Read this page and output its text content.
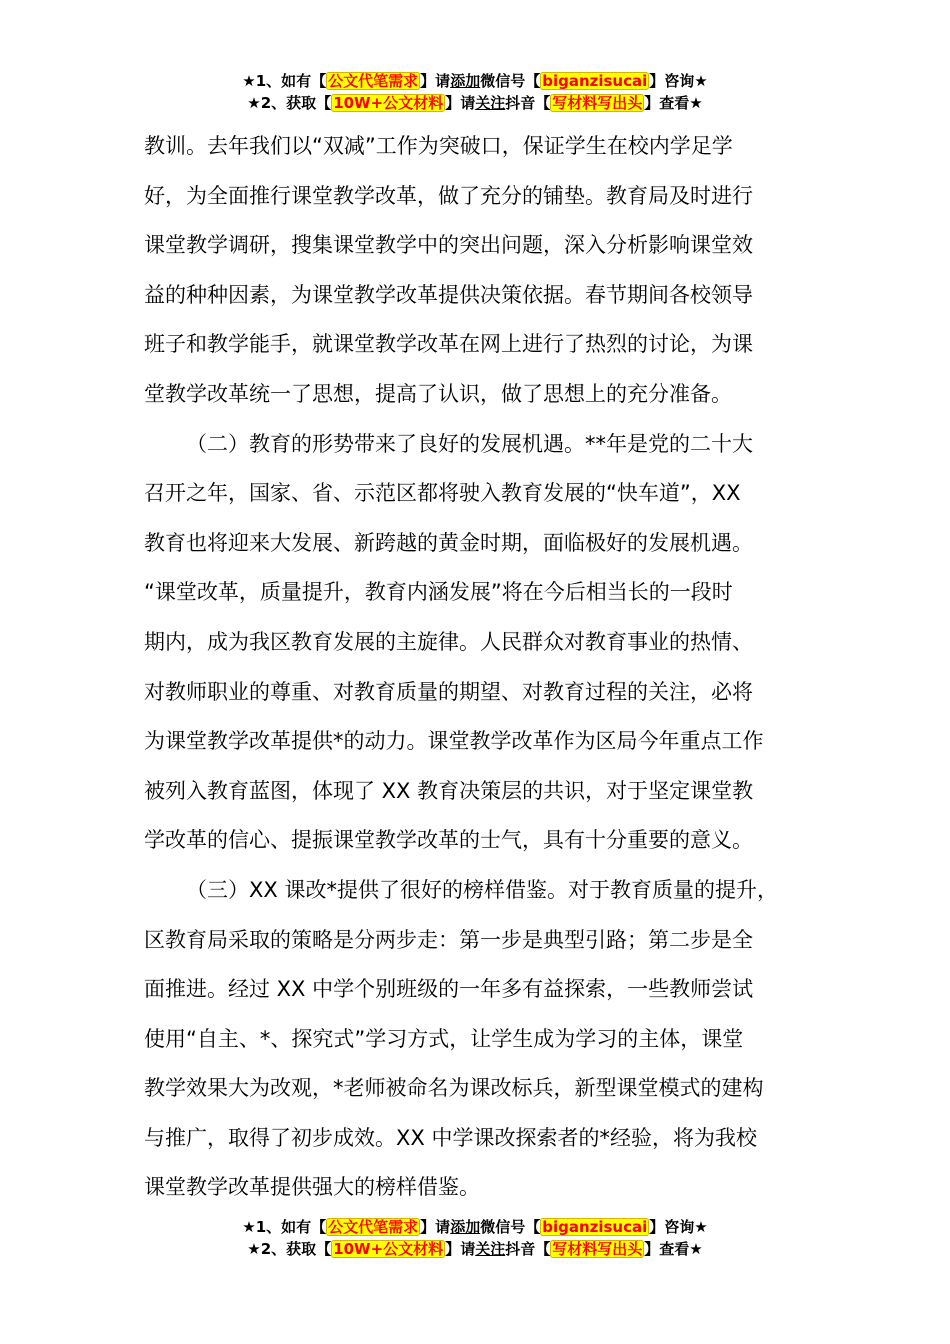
★1、如有【 公文代笔需求 】请添加微信号【 biganzisucai 】咨询★
★2、获取【 10W+公文材料 】请关注抖音【 写材料写出头 】查看★
教训。去年我们以“双减”工作为突破口，保证学生在校内学足学
好，为全面推行课堂教学改革，做了充分的铺垫。教育局及时进行
课堂教学调研，搜集课堂教学中的突出问题，深入分析影响课堂效
益的种种因素，为课堂教学改革提供决策依据。春节期间各校领导
班子和教学能手，就课堂教学改革在网上进行了热烈的讨论，为课
堂教学改革统一了思想，提高了认识，做了思想上的充分准备。
（二）教育的形势带来了良好的发展机遇。**年是党的二十大
召开之年，国家、省、示范区都将驶入教育发展的“快车道”，XX
教育也将迎来大发展、新跨越的黄金时期，面临极好的发展机遇。
“课堂改革，质量提升，教育内涵发展”将在今后相当长的一段时
期内，成为我区教育发展的主旋律。人民群众对教育事业的热情、
对教师职业的尊重、对教育质量的期望、对教育过程的关注，必将
为课堂教学改革提供*的动力。课堂教学改革作为区局今年重点工作
被列入教育蓝图，体现了 XX 教育决策层的共识，对于坚定课堂教
学改革的信心、提振课堂教学改革的士气，具有十分重要的意义。
（三）XX 课改*提供了很好的榜样借鉴。对于教育质量的提升，
区教育局采取的策略是分两步走：第一步是典型引路；第二步是全
面推进。经过 XX 中学个别班级的一年多有益探索，一些教师尝试
使用“自主、*、探究式”学习方式，让学生成为学习的主体，课堂
教学效果大为改观，*老师被命名为课改标兵，新型课堂模式的建构
与推广，取得了初步成效。XX 中学课改探索者的*经验，将为我校
课堂教学改革提供强大的榜样借鉴。
★1、如有【 公文代笔需求 】请添加微信号【 biganzisucai 】咨询★
★2、获取【 10W+公文材料 】请关注抖音【 写材料写出头 】查看★
